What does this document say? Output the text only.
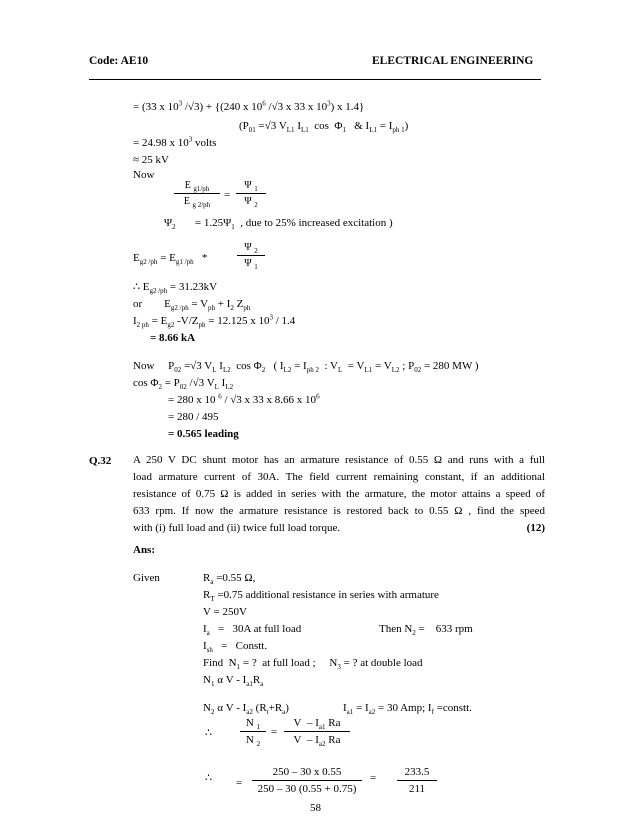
Code: AE10	ELECTRICAL ENGINEERING
= (33 x $10^3$ /√3) + {(240 x $10^6$ /√3 x 33 x $10^3$) x 1.4}
($P_{01} =√3$ $V_{L1}$ $I_{L1}$  $\cos \Phi_1$   & $I_{L1} = I_{ph 1}$)
= 24.98 x $10^3$ volts
≈ 25 kV
Now
E $_{g1/ph}$
E $_{g 2/ph}$
=
Ψ $_1$
Ψ $_2$
$\Psi_2$       = $1.25\Psi_1$  , due to 25% increased excitation )
$E_{g2 /ph} = E_{g1 /ph}$   *
Ψ $_2$
Ψ $_1$
∴ $E_{g2 /ph} = 31.23kV$
or        $E_{g2 /ph} = V_{ph} + I_2$ $Z_{ph}$
$I_{2 ph} = E_{g2}$ $-V/Z_{ph} = 12.125$ x $10^3 / 1.4$
= 8.66 kA
Now     $P_{02} =√3$ $V_L$ $I_{L2}$  $\cos \Phi_2$   ( $I_{L2} = I_{ph 2}$  : $V_L = V_{L1} = V_{L2}$ ; $P_{02} = 280$ MW )
$\cos \Phi_2 = P_{02}$ /√3 $V_L$ $I_{L2}$
= 280 x 10 $^6$ / √3 x 33 x 8.66 x $10^6$
= 280 / 495
= 0.565 leading
Q.32 A 250 V DC shunt motor has an armature resistance of 0.55 Ω and runs with a full
load armature current of 30A. The field current remaining constant, if an additional
resistance of 0.75 Ω is added in series with the armature, the motor attains a speed of
633 rpm. If now the armature resistance is restored back to 0.55 Ω , find the speed
with (i) full load and (ii) twice full load torque.	(12)
Ans:
Given	$R_a =0.55$ Ω,
$R_T =0.75$ additional resistance in series with armature
V = 250V
$I_a = 30A$ at full load	Then $N_2$ =    633 rpm
$I_{sh}$   =   Constt.
Find  $N_1$ = ?  at full load ;     $N_3$ = ? at double load
$N_1$ α V - $I_{a1}R_a$
$N_2$ α V - $I_{a2}$ $(R_t+R_a)$	$I_{a1} = I_{a2} = 30$ Amp; $I_f$ =constt.
∴
N $_1$
N $_2$
=
V  – $I_{a1}$ Ra
V  – $I_{a2}$ Ra
∴ =
250 – 30 x 0.55
250 – 30 (0.55 + 0.75)
=	233.5
211
58
